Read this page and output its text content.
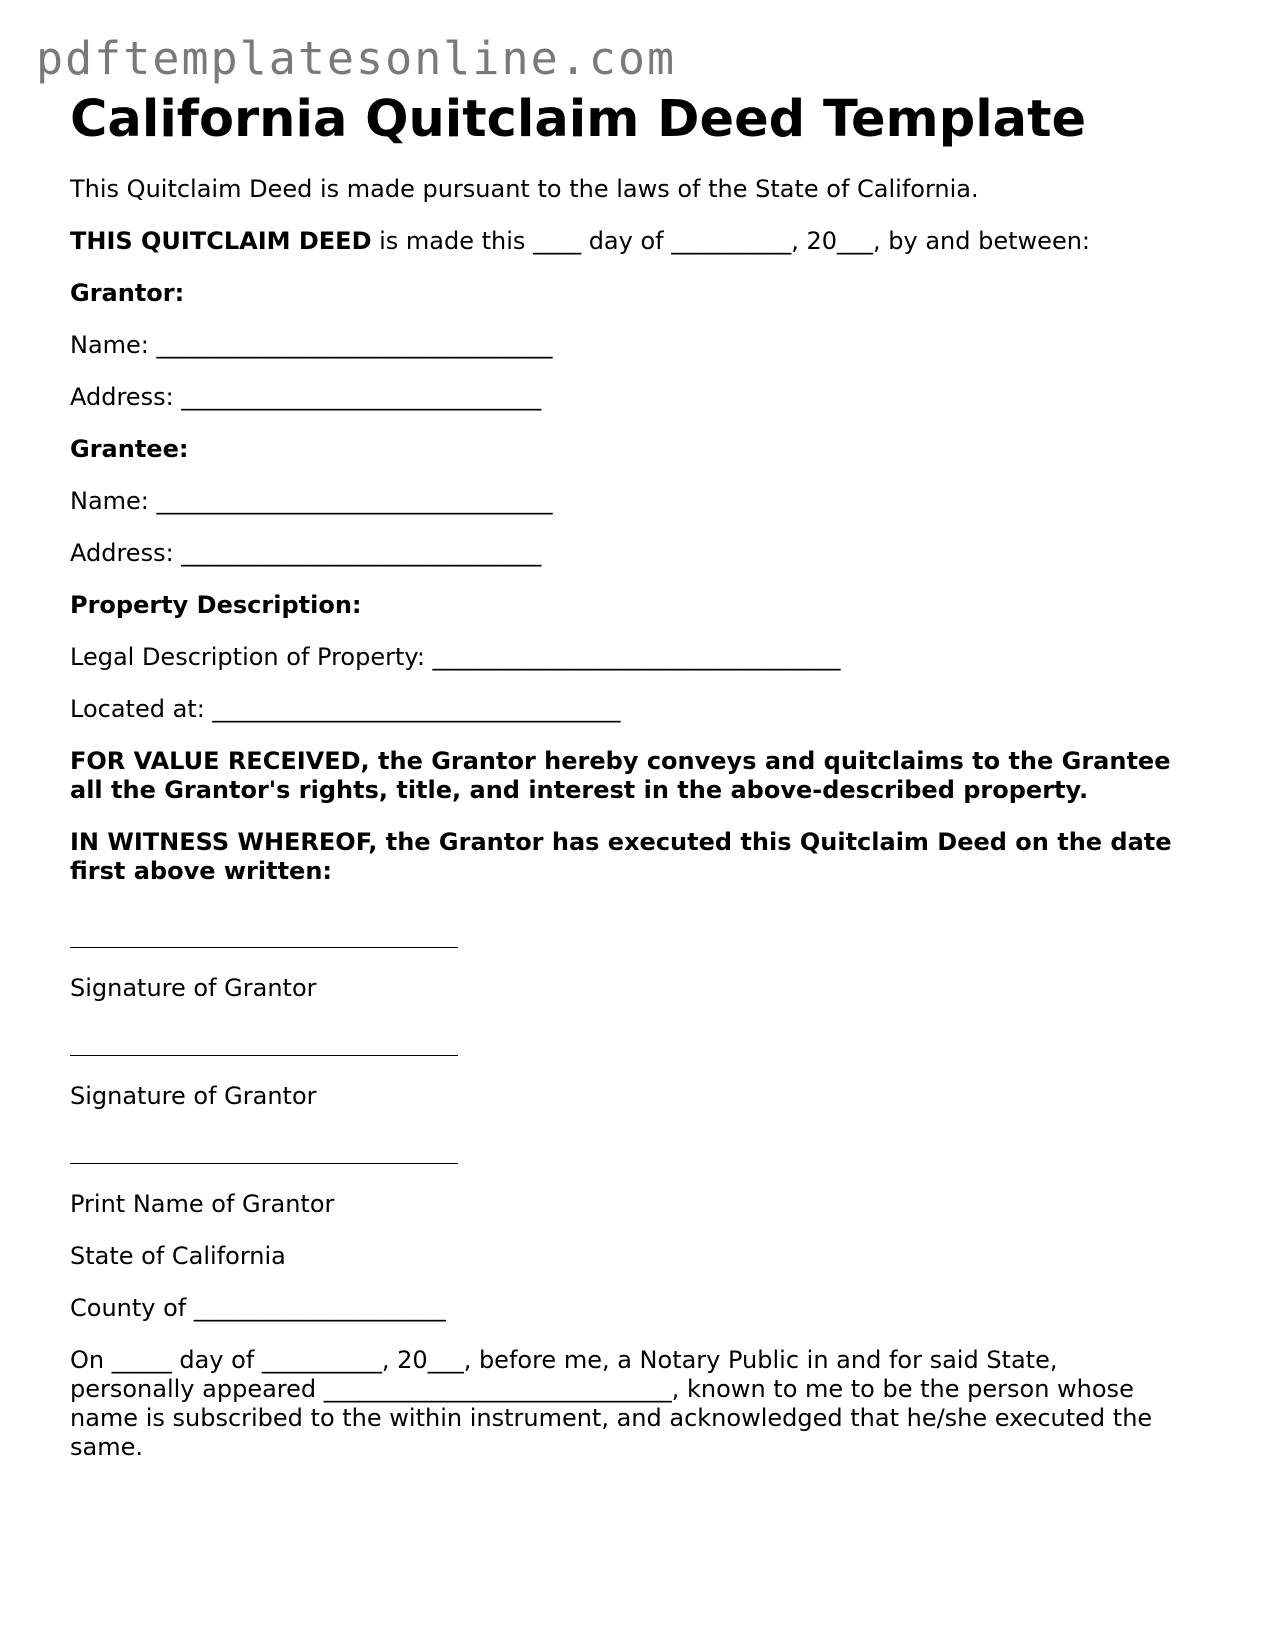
pdftemplatesonline.com
California Quitclaim Deed Template

This Quitclaim Deed is made pursuant to the laws of the State of California.

THIS QUITCLAIM DEED is made this ____ day of __________, 20___, by and between:

Grantor:

Name: _________________________________

Address: ______________________________

Grantee:

Name: _________________________________

Address: ______________________________

Property Description:

Legal Description of Property: __________________________________

Located at: __________________________________

FOR VALUE RECEIVED, the Grantor hereby conveys and quitclaims to the Grantee all the Grantor's rights, title, and interest in the above-described property.

IN WITNESS WHEREOF, the Grantor has executed this Quitclaim Deed on the date first above written:

Signature of Grantor

Signature of Grantor

Print Name of Grantor

State of California

County of _____________________

On _____ day of __________, 20___, before me, a Notary Public in and for said State, personally appeared _____________________________, known to me to be the person whose name is subscribed to the within instrument, and acknowledged that he/she executed the same.
